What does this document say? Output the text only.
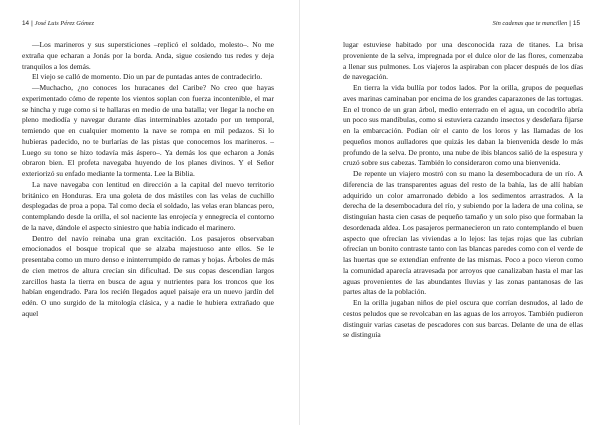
14 | José Luis Pérez Gómez

—Los marineros y sus supersticiones –replicó el soldado, molesto–. No me extraña que echaran a Jonás por la borda. Anda, sigue cosiendo tus redes y deja tranquilos a los demás.

El viejo se calló de momento. Dio un par de puntadas antes de contradecirlo.

—Muchacho, ¿no conoces los huracanes del Caribe? No creo que hayas experimentado cómo de repente los vientos soplan con fuerza inconteniblе, el mar se hincha y ruge como si te hallaras en medio de una batalla; ver llegar la noche en pleno mediodía y navegar durante días interminables azotado por un temporal, temiendo que en cualquier momento la nave se rompa en mil pedazos. Si lo hubieras padecido, no te burlarías de las pistas que conocemos los marineros. –Luego su tono se hizo todavía más áspero–. Ya demás los que echaron a Jonás obraron bien. El profeta navegaba huyendo de los planes divinos. Y el Señor exteriorizó su enfado mediante la tormenta. Lee la Biblia.

La nave navegaba con lentitud en dirección a la capital del nuevo territorio británico en Honduras. Era una goleta de dos mástiles con las velas de cuchillo desplegadas de proa a popa. Tal como decía el soldado, las velas eran blancas pero, contemplando desde la orilla, el sol naciente las enrojecía y ennegrecía el contorno de la nave, dándole el aspecto siniestro que había indicado el marinero.

Dentro del navío reinaba una gran excitación. Los pasajeros observaban emocionados el bosque tropical que se alzaba majestuoso ante ellos. Se le presentaba como un muro denso e ininterrumpido de ramas y hojas. Árboles de más de cien metros de altura crecían sin dificultad. De sus copas descendían largos zarcillos hasta la tierra en busca de agua y nutrientes para los troncos que los habían engendrado. Para los recién llegados aquel paisaje era un nuevo jardín del edén. O uno surgido de la mitología clásica, y a nadie le hubiera extrañado que aquel

Sin cadenas que te mancillen | 15

lugar estuviese habitado por una desconocida raza de titanes. La brisa proveniente de la selva, impregnada por el dulce olor de las flores, comenzaba a llenar sus pulmones. Los viajeros la aspiraban con placer después de los días de navegación.

En tierra la vida bullía por todos lados. Por la orilla, grupos de pequeñas aves marinas caminaban por encima de los grandes caparazones de las tortugas. En el tronco de un gran árbol, medio enterrado en el agua, un cocodrilo abría un poco sus mandíbulas, como si estuviera cazando insectos y desdeñara fijarse en la embarcación. Podían oír el canto de los loros y las llamadas de los pequeños monos aulladores que quizás les daban la bienvenida desde lo más profundo de la selva. De pronto, una nube de ibis blancos salió de la espesura y cruzó sobre sus cabezas. También lo consideraron como una bienvenida.

De repente un viajero mostró con su mano la desembocadura de un río. A diferencia de las transparentes aguas del resto de la bahía, las de allí habían adquirido un color amarronado debido a los sedimentos arrastrados. A la derecha de la desembocadura del río, y subiendo por la ladera de una colina, se distinguían hasta cien casas de pequeño tamaño y un solo piso que formaban la desordenada aldea. Los pasajeros permanecieron un rato contemplando el buen aspecto que ofrecían las viviendas a lo lejos: las tejas rojas que las cubrían ofrecían un bonito contraste tanto con las blancas paredes como con el verde de las huertas que se extendían enfrente de las mismas. Poco a poco vieron como la comunidad aparecía atravesada por arroyos que canalizaban hasta el mar las aguas provenientes de las abundantes lluvias y las zonas pantanosas de las partes altas de la población.

En la orilla jugaban niños de piel oscura que corrían desnudos, al lado de cestos peludos que se revolcaban en las aguas de los arroyos. También pudieron distinguir varias casetas de pescadores con sus barcas. Delante de una de ellas se distinguía
